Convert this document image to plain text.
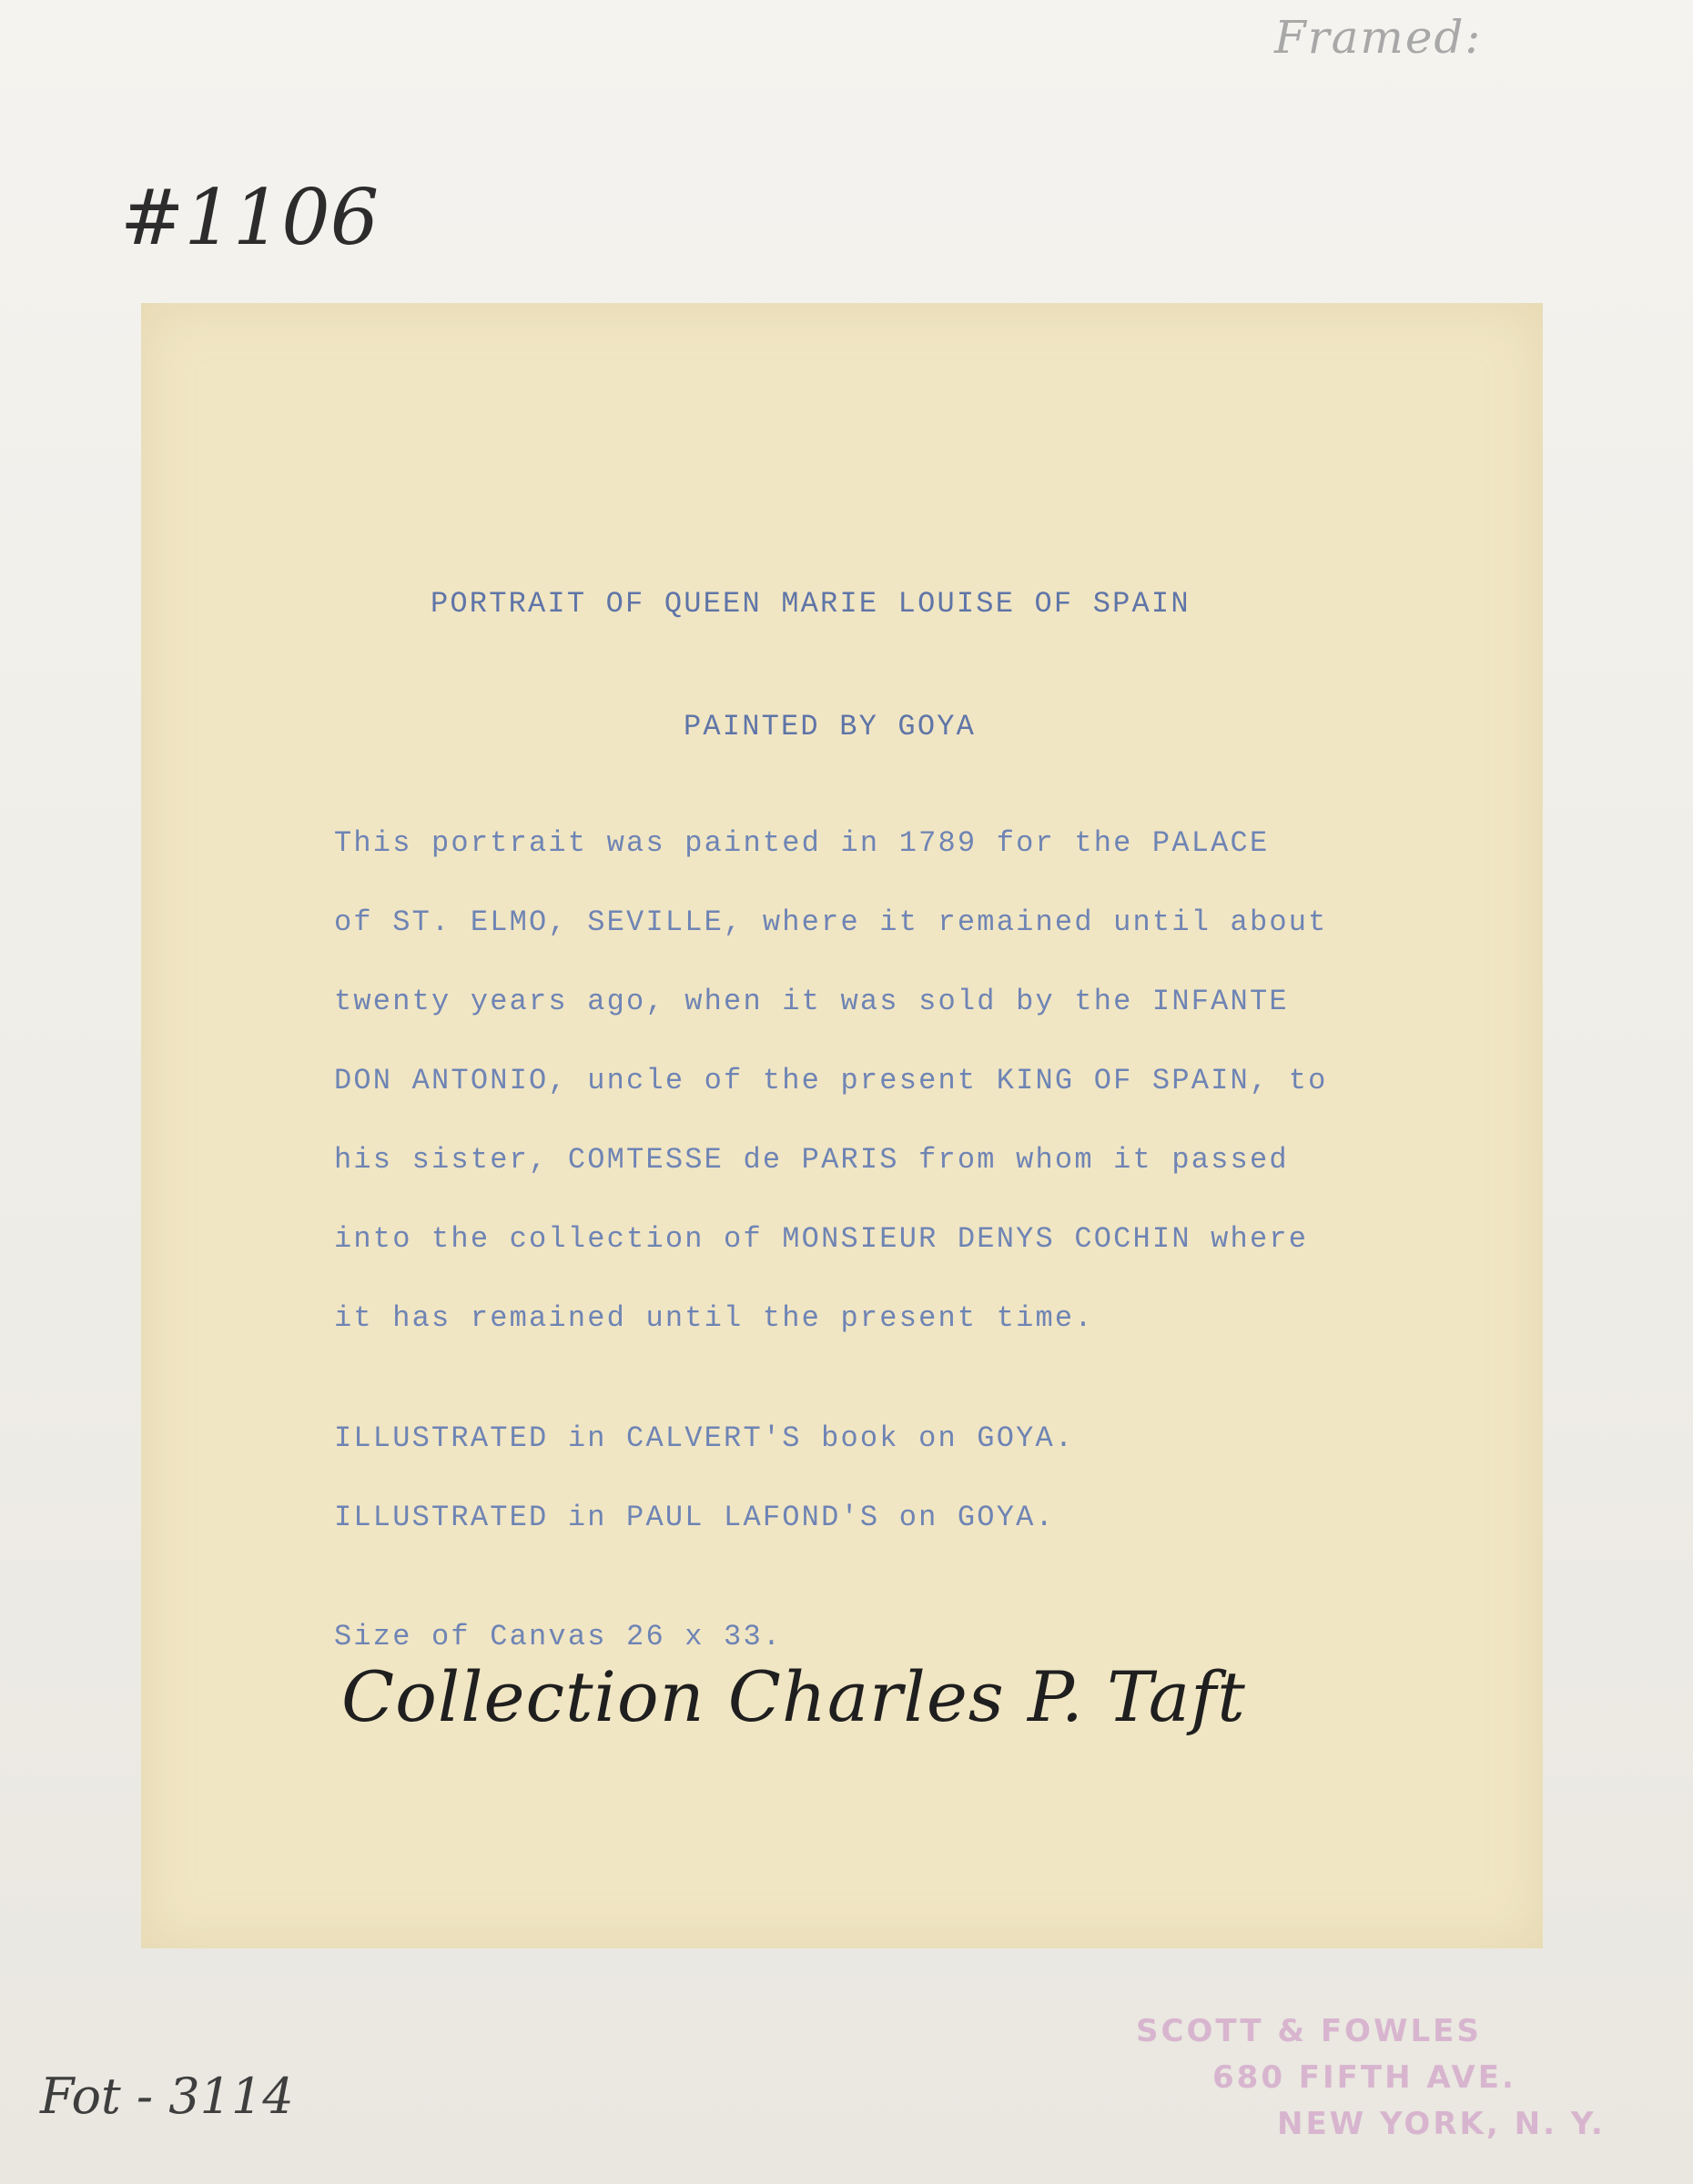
Framed:
#1106

PORTRAIT OF QUEEN MARIE LOUISE OF SPAIN

PAINTED BY GOYA

This portrait was painted in 1789 for the PALACE

of ST. ELMO, SEVILLE, where it remained until about

twenty years ago, when it was sold by the INFANTE

DON ANTONIO, uncle of the present KING OF SPAIN, to

his sister, COMTESSE de PARIS from whom it passed

into the collection of MONSIEUR DENYS COCHIN where

it has remained until the present time.

ILLUSTRATED in CALVERT'S book on GOYA.

ILLUSTRATED in PAUL LAFOND'S on GOYA.

Size of Canvas 26 x 33.

Collection Charles P. Taft
SCOTT & FOWLES
680 FIFTH AVE.
NEW YORK, N. Y.
Fot - 3114
